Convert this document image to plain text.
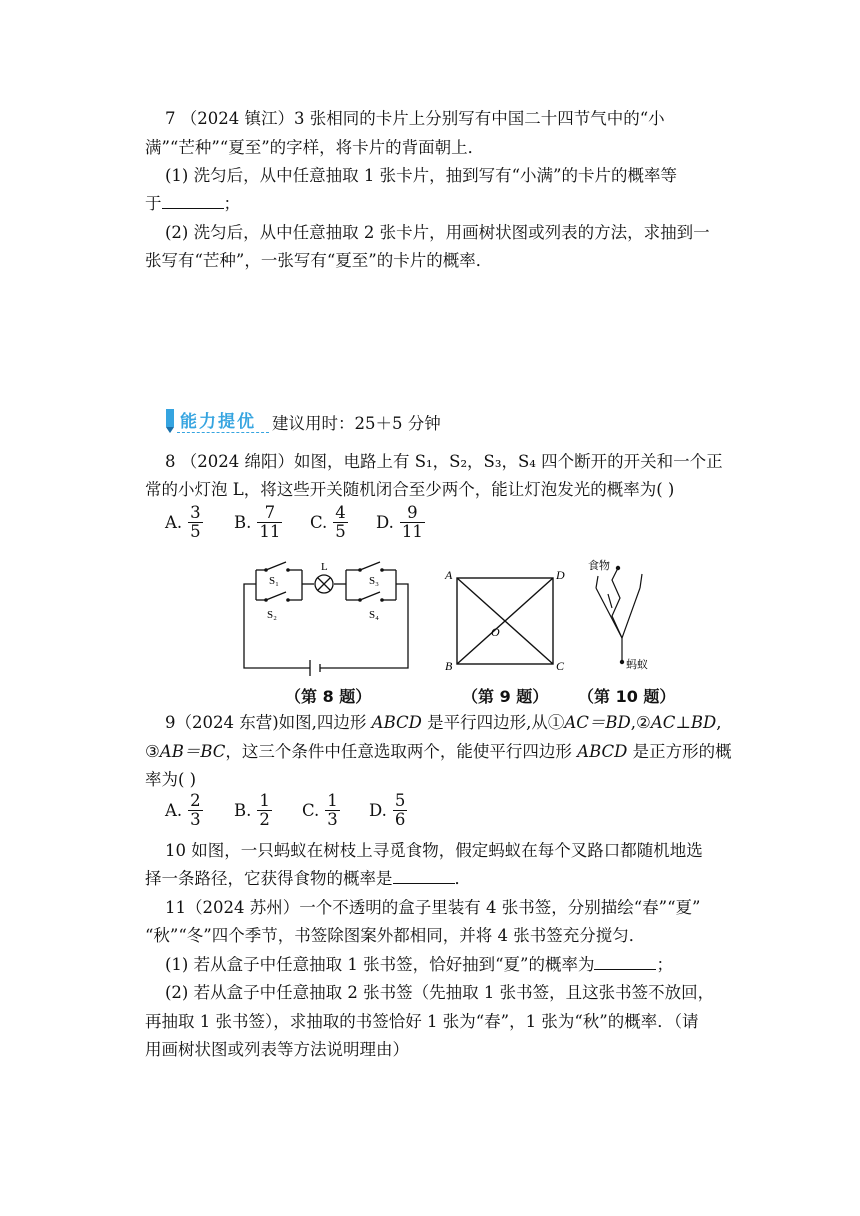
7 （2024 镇江）3 张相同的卡片上分别写有中国二十四节气中的“小
满”“芒种”“夏至”的字样，将卡片的背面朝上．
(1) 洗匀后，从中任意抽取 1 张卡片，抽到写有“小满”的卡片的概率等
于	；
(2) 洗匀后，从中任意抽取 2 张卡片，用画树状图或列表的方法，求抽到一
张写有“芒种”，一张写有“夏至”的卡片的概率．
能力提优 建议用时：25＋5 分钟
8 （2024 绵阳）如图，电路上有 S₁，S₂，S₃，S₄ 四个断开的开关和一个正
常的小灯泡 L，将这些开关随机闭合至少两个，能让灯泡发光的概率为( )
A. $\frac{3}{5} B$. $\frac{7}{11} C$. $\frac{4}{5} D$. $\frac{9}{11}$
S₁
S₂
L
S₃
S₄
A	D
B	C
O
食物
蚂蚁
（第 8 题）	（第 9 题） （第 10 题）
9（2024 东营)如图,四边形 ABCD 是平行四边形,从①AC＝BD,②AC⊥BD,
③AB＝BC，这三个条件中任意选取两个，能使平行四边形 ABCD 是正方形的概
率为( )
A. $\frac{2}{3} B$. $\frac{1}{2} C$. $\frac{1}{3} D$. $\frac{5}{6}$
10 如图，一只蚂蚁在树枝上寻觅食物，假定蚂蚁在每个叉路口都随机地选
择一条路径，它获得食物的概率是	．
11（2024 苏州）一个不透明的盒子里装有 4 张书签，分别描绘“春”“夏”
“秋”“冬”四个季节，书签除图案外都相同，并将 4 张书签充分搅匀．
(1) 若从盒子中任意抽取 1 张书签，恰好抽到“夏”的概率为	；
(2) 若从盒子中任意抽取 2 张书签（先抽取 1 张书签，且这张书签不放回，
再抽取 1 张书签），求抽取的书签恰好 1 张为“春”，1 张为“秋”的概率．（请
用画树状图或列表等方法说明理由）
